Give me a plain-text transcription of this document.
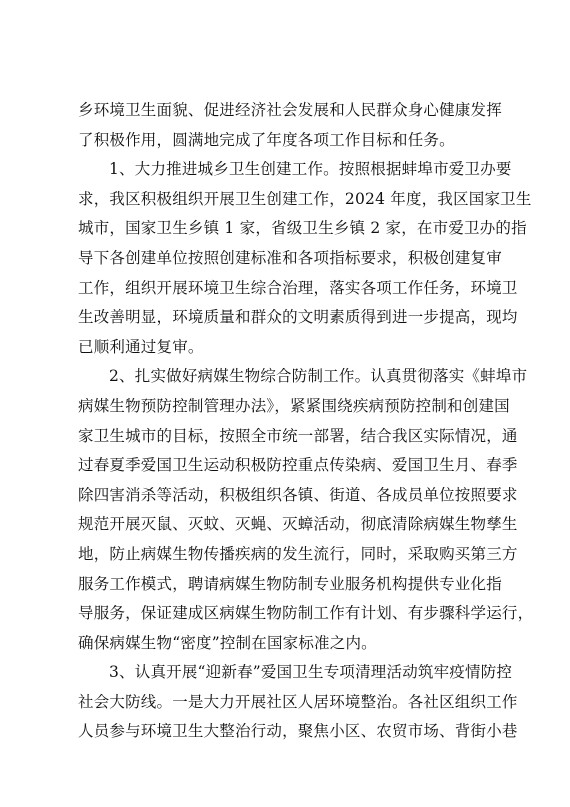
乡环境卫生面貌、促进经济社会发展和人民群众身心健康发挥
了积极作用，圆满地完成了年度各项工作目标和任务。
1、大力推进城乡卫生创建工作。按照根据蚌埠市爱卫办要
求，我区积极组织开展卫生创建工作，2024 年度，我区国家卫生
城市，国家卫生乡镇 1 家，省级卫生乡镇 2 家，在市爱卫办的指
导下各创建单位按照创建标准和各项指标要求，积极创建复审
工作，组织开展环境卫生综合治理，落实各项工作任务，环境卫
生改善明显，环境质量和群众的文明素质得到进一步提高，现均
已顺利通过复审。
2、扎实做好病媒生物综合防制工作。认真贯彻落实《蚌埠市
病媒生物预防控制管理办法》，紧紧围绕疾病预防控制和创建国
家卫生城市的目标，按照全市统一部署，结合我区实际情况，通
过春夏季爱国卫生运动积极防控重点传染病、爱国卫生月、春季
除四害消杀等活动，积极组织各镇、街道、各成员单位按照要求
规范开展灭鼠、灭蚊、灭蝇、灭蟑活动，彻底清除病媒生物孳生
地，防止病媒生物传播疾病的发生流行，同时，采取购买第三方
服务工作模式，聘请病媒生物防制专业服务机构提供专业化指
导服务，保证建成区病媒生物防制工作有计划、有步骤科学运行，
确保病媒生物“密度”控制在国家标准之内。
3、认真开展“迎新春”爱国卫生专项清理活动筑牢疫情防控
社会大防线。一是大力开展社区人居环境整治。各社区组织工作
人员参与环境卫生大整治行动，聚焦小区、农贸市场、背街小巷
